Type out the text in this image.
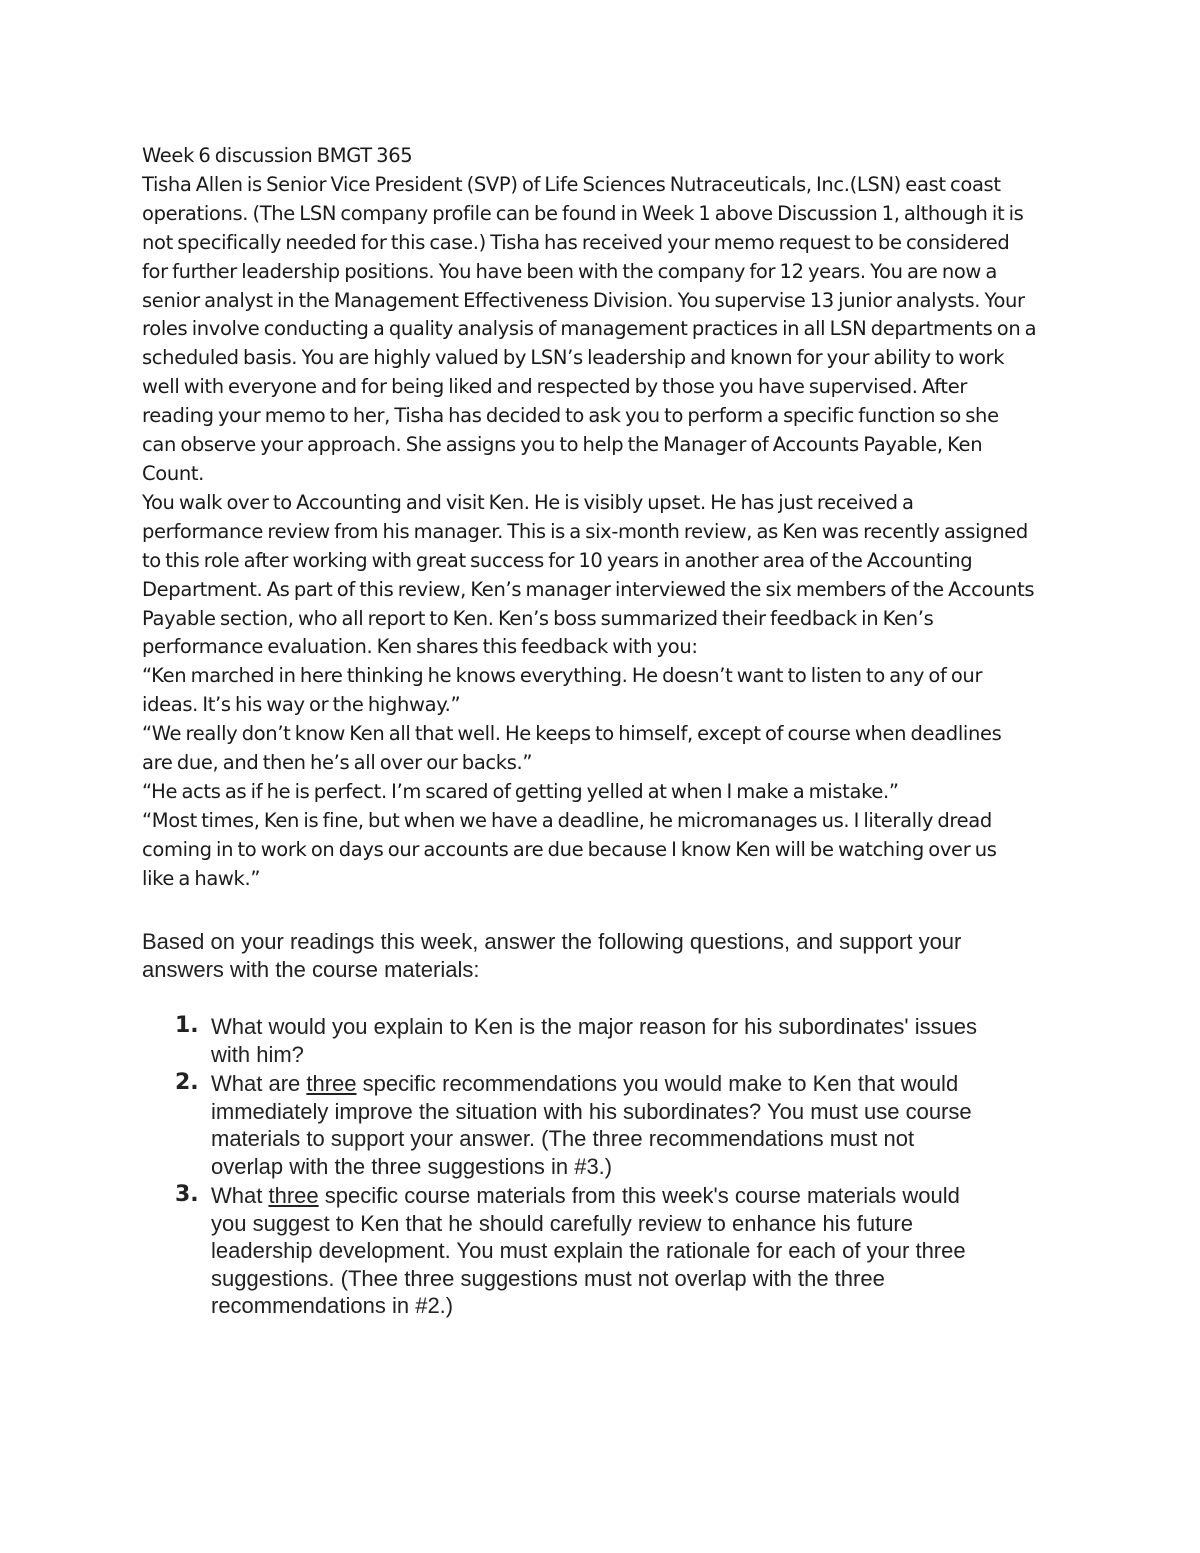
Week 6 discussion BMGT 365

Tisha Allen is Senior Vice President (SVP) of Life Sciences Nutraceuticals, Inc.(LSN) east coast

operations. (The LSN company profile can be found in Week 1 above Discussion 1, although it is

not specifically needed for this case.) Tisha has received your memo request to be considered

for further leadership positions. You have been with the company for 12 years. You are now a

senior analyst in the Management Effectiveness Division. You supervise 13 junior analysts. Your

roles involve conducting a quality analysis of management practices in all LSN departments on a

scheduled basis. You are highly valued by LSN’s leadership and known for your ability to work

well with everyone and for being liked and respected by those you have supervised. After

reading your memo to her, Tisha has decided to ask you to perform a specific function so she

can observe your approach. She assigns you to help the Manager of Accounts Payable, Ken

Count.

You walk over to Accounting and visit Ken. He is visibly upset. He has just received a

performance review from his manager. This is a six-month review, as Ken was recently assigned

to this role after working with great success for 10 years in another area of the Accounting

Department. As part of this review, Ken’s manager interviewed the six members of the Accounts

Payable section, who all report to Ken. Ken’s boss summarized their feedback in Ken’s

performance evaluation. Ken shares this feedback with you:

“Ken marched in here thinking he knows everything. He doesn’t want to listen to any of our

ideas. It’s his way or the highway.”

“We really don’t know Ken all that well. He keeps to himself, except of course when deadlines

are due, and then he’s all over our backs.”

“He acts as if he is perfect. I’m scared of getting yelled at when I make a mistake.”

“Most times, Ken is fine, but when we have a deadline, he micromanages us. I literally dread

coming in to work on days our accounts are due because I know Ken will be watching over us

like a hawk.”

Based on your readings this week, answer the following questions, and support your

answers with the course materials:

1. What would you explain to Ken is the major reason for his subordinates' issues

with him?

2. What are three specific recommendations you would make to Ken that would

immediately improve the situation with his subordinates? You must use course

materials to support your answer. (The three recommendations must not

overlap with the three suggestions in #3.)

3. What three specific course materials from this week's course materials would

you suggest to Ken that he should carefully review to enhance his future

leadership development. You must explain the rationale for each of your three

suggestions. (Thee three suggestions must not overlap with the three

recommendations in #2.)
